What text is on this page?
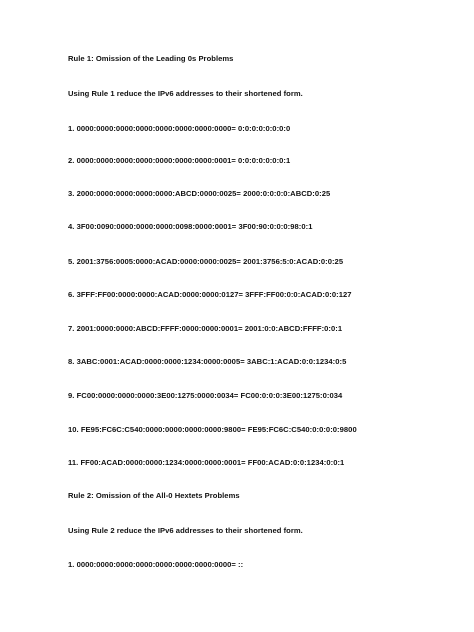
Rule 1: Omission of the Leading 0s Problems
Using Rule 1 reduce the IPv6 addresses to their shortened form.
1. 0000:0000:0000:0000:0000:0000:0000:0000= 0:0:0:0:0:0:0:0
2. 0000:0000:0000:0000:0000:0000:0000:0001= 0:0:0:0:0:0:0:1
3. 2000:0000:0000:0000:0000:ABCD:0000:0025= 2000:0:0:0:0:ABCD:0:25
4. 3F00:0090:0000:0000:0000:0098:0000:0001= 3F00:90:0:0:0:98:0:1
5. 2001:3756:0005:0000:ACAD:0000:0000:0025= 2001:3756:5:0:ACAD:0:0:25
6. 3FFF:FF00:0000:0000:ACAD:0000:0000:0127= 3FFF:FF00:0:0:ACAD:0:0:127
7. 2001:0000:0000:ABCD:FFFF:0000:0000:0001= 2001:0:0:ABCD:FFFF:0:0:1
8. 3ABC:0001:ACAD:0000:0000:1234:0000:0005= 3ABC:1:ACAD:0:0:1234:0:5
9. FC00:0000:0000:0000:3E00:1275:0000:0034= FC00:0:0:0:3E00:1275:0:034
10. FE95:FC6C:C540:0000:0000:0000:0000:9800= FE95:FC6C:C540:0:0:0:0:9800
11. FF00:ACAD:0000:0000:1234:0000:0000:0001= FF00:ACAD:0:0:1234:0:0:1
Rule 2: Omission of the All-0 Hextets Problems
Using Rule 2 reduce the IPv6 addresses to their shortened form.
1. 0000:0000:0000:0000:0000:0000:0000:0000= ::
